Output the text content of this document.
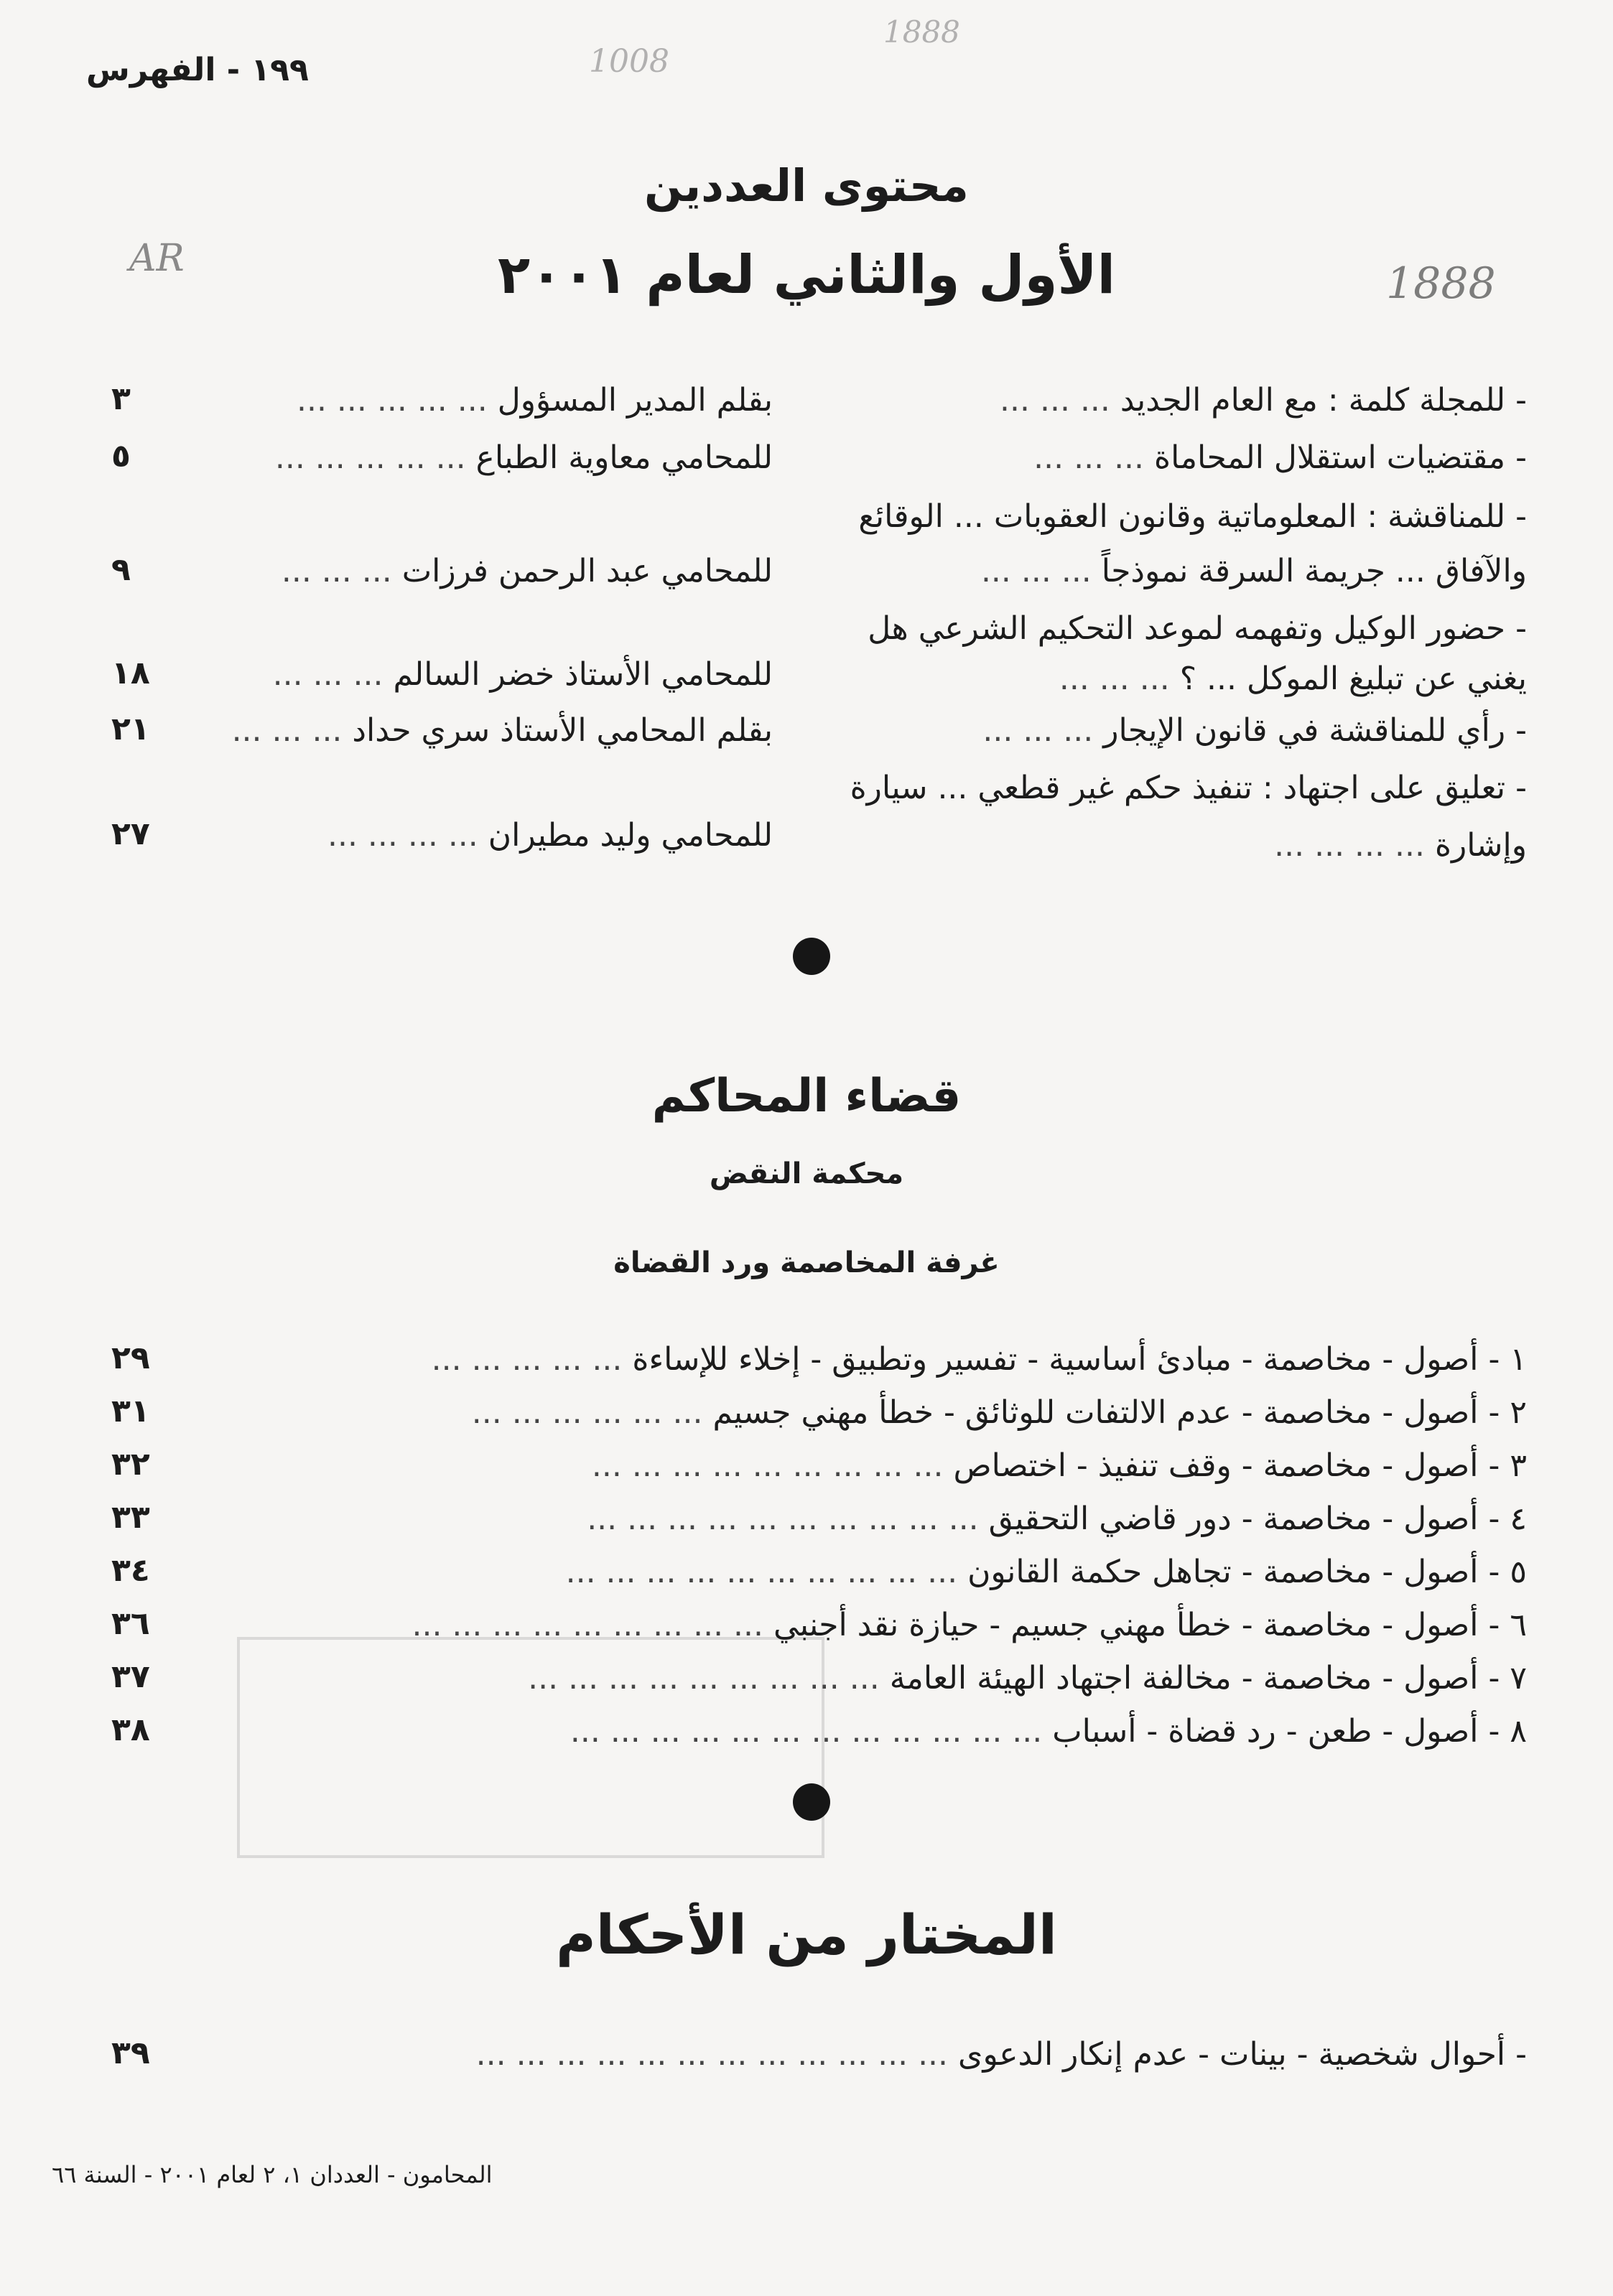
1888
1008
AR	1888
١٩٩ - الفهرس
محتوى العددين
الأول والثاني لعام ٢٠٠١
- للمجلة كلمة : مع العام الجديد ... ... ...
بقلم المدير المسؤول ... ... ... ... ...
٣
- مقتضيات استقلال المحاماة ... ... ...
للمحامي معاوية الطباع ... ... ... ... ...
٥
- للمناقشة : المعلوماتية وقانون العقوبات ... الوقائع
والآفاق ... جريمة السرقة نموذجاً ... ... ...
للمحامي عبد الرحمن فرزات ... ... ...
٩
- حضور الوكيل وتفهمه لموعد التحكيم الشرعي هل
يغني عن تبليغ الموكل ... ؟ ... ... ...
للمحامي الأستاذ خضر السالم ... ... ...
١٨
- رأي للمناقشة في قانون الإيجار ... ... ...
بقلم المحامي الأستاذ سري حداد ... ... ...
٢١
- تعليق على اجتهاد : تنفيذ حكم غير قطعي ... سيارة
وإشارة ... ... ... ...
للمحامي وليد مطيران ... ... ... ...
٢٧
قضاء المحاكم
محكمة النقض
غرفة المخاصمة ورد القضاة
١ - أصول - مخاصمة - مبادئ أساسية - تفسير وتطبيق - إخلاء للإساءة ... ... ... ... ...
٢٩
٢ - أصول - مخاصمة - عدم الالتفات للوثائق - خطأ مهني جسيم ... ... ... ... ... ...
٣١
٣ - أصول - مخاصمة - وقف تنفيذ - اختصاص ... ... ... ... ... ... ... ... ...
٣٢
٤ - أصول - مخاصمة - دور قاضي التحقيق ... ... ... ... ... ... ... ... ... ...
٣٣
٥ - أصول - مخاصمة - تجاهل حكمة القانون ... ... ... ... ... ... ... ... ... ...
٣٤
٦ - أصول - مخاصمة - خطأ مهني جسيم - حيازة نقد أجنبي ... ... ... ... ... ... ... ... ...
٣٦
٧ - أصول - مخاصمة - مخالفة اجتهاد الهيئة العامة ... ... ... ... ... ... ... ... ...
٣٧
٨ - أصول - طعن - رد قضاة - أسباب ... ... ... ... ... ... ... ... ... ... ... ...
٣٨
المختار من الأحكام
- أحوال شخصية - بينات - عدم إنكار الدعوى ... ... ... ... ... ... ... ... ... ... ... ...
٣٩
المحامون - العددان ١، ٢ لعام ٢٠٠١ - السنة ٦٦
